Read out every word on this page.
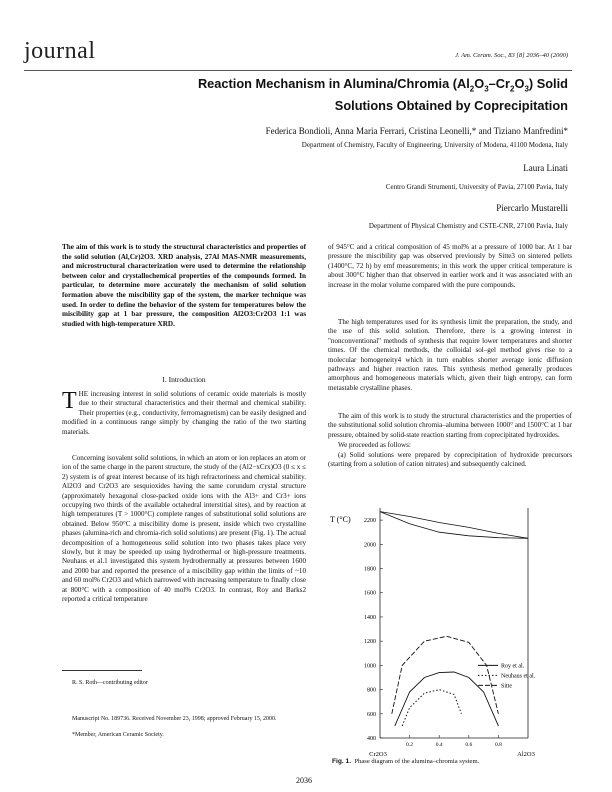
journal	J. Am. Ceram. Soc., 83 [8] 2036–40 (2000)
Reaction Mechanism in Alumina/Chromia $(Al_2O_3-Cr_2O_3)$ Solid Solutions Obtained by Coprecipitation
Federica Bondioli, Anna Maria Ferrari, Cristina Leonelli,* and Tiziano Manfredini*
Department of Chemistry, Faculty of Engineering, University of Modena, 41100 Modena, Italy
Laura Linati
Centro Grandi Strumenti, University of Pavia, 27100 Pavia, Italy
Piercarlo Mustarelli
Department of Physical Chemistry and CSTE-CNR, 27100 Pavia, Italy
The aim of this work is to study the structural characteristics and properties of the solid solution (Al,Cr)2O3. XRD analysis, 27Al MAS-NMR measurements, and microstructural characterization were used to determine the relationship between color and crystallochemical properties of the compounds formed. In particular, to determine more accurately the mechanism of solid solution formation above the miscibility gap of the system, the marker technique was used. In order to define the behavior of the system for temperatures below the miscibility gap at 1 bar pressure, the composition Al2O3:Cr2O3 1:1 was studied with high-temperature XRD.
I. Introduction
THE increasing interest in solid solutions of ceramic oxide materials is mostly due to their structural characteristics and their thermal and chemical stability. Their properties (e.g., conductivity, ferromagnetism) can be easily designed and modified in a continuous range simply by changing the ratio of the two starting materials.
Concerning isovalent solid solutions, in which an atom or ion replaces an atom or ion of the same charge in the parent structure, the study of the (Al2−xCrx)O3 (0 ≤ x ≤ 2) system is of great interest because of its high refractoriness and chemical stability. Al2O3 and Cr2O3 are sesquioxides having the same corundum crystal structure (approximately hexagonal close-packed oxide ions with the Al3+ and Cr3+ ions occupying two thirds of the available octahedral interstitial sites), and by reaction at high temperatures (T > 1000°C) complete ranges of substitutional solid solutions are obtained. Below 950°C a miscibility dome is present, inside which two crystalline phases (alumina-rich and chromia-rich solid solutions) are present (Fig. 1). The actual decomposition of a homogeneous solid solution into two phases takes place very slowly, but it may be speeded up using hydrothermal or high-pressure treatments. Neuhaus et al.1 investigated this system hydrothermally at pressures between 1600 and 2000 bar and reported the presence of a miscibility gap within the limits of ~10 and 60 mol% Cr2O3 and which narrowed with increasing temperature to finally close at 800°C with a composition of 40 mol% Cr2O3. In contrast, Roy and Barks2 reported a critical temperature
of 945°C and a critical composition of 45 mol% at a pressure of 1000 bar. At 1 bar pressure the miscibility gap was observed previously by Sitte3 on sintered pellets (1400°C, 72 h) by emf measurements; in this work the upper critical temperature is about 300°C higher than that observed in earlier work and it was associated with an increase in the molar volume compared with the pure compounds.
The high temperatures used for its synthesis limit the preparation, the study, and the use of this solid solution. Therefore, there is a growing interest in "nonconventional" methods of synthesis that require lower temperatures and shorter times. Of the chemical methods, the colloidal sol–gel method gives rise to a molecular homogeneity4 which in turn enables shorter average ionic diffusion pathways and higher reaction rates. This synthesis method generally produces amorphous and homogeneous materials which, given their high entropy, can form metastable crystalline phases.
The aim of this work is to study the structural characteristics and the properties of the substitutional solid solution chromia–alumina between 1000° and 1500°C at 1 bar pressure, obtained by solid-state reaction starting from coprecipitated hydroxides.
We proceeded as follows:
(a) Solid solutions were prepared by coprecipitation of hydroxide precursors (starting from a solution of cation nitrates) and subsequently calcined.
T (°C)
400
600
800
1000
1200
1400
1600
1800
2000
2200
0.2	0.4	0.6	0.8
Cr2O3	Al2O3
Roy et al.
Neuhaus et al.
Sitte
Fig. 1. Phase diagram of the alumina–chromia system.
R. S. Roth—contributing editor
Manuscript No. 189736. Received November 23, 1998; approved February 15, 2000.
*Member, American Ceramic Society.
2036
